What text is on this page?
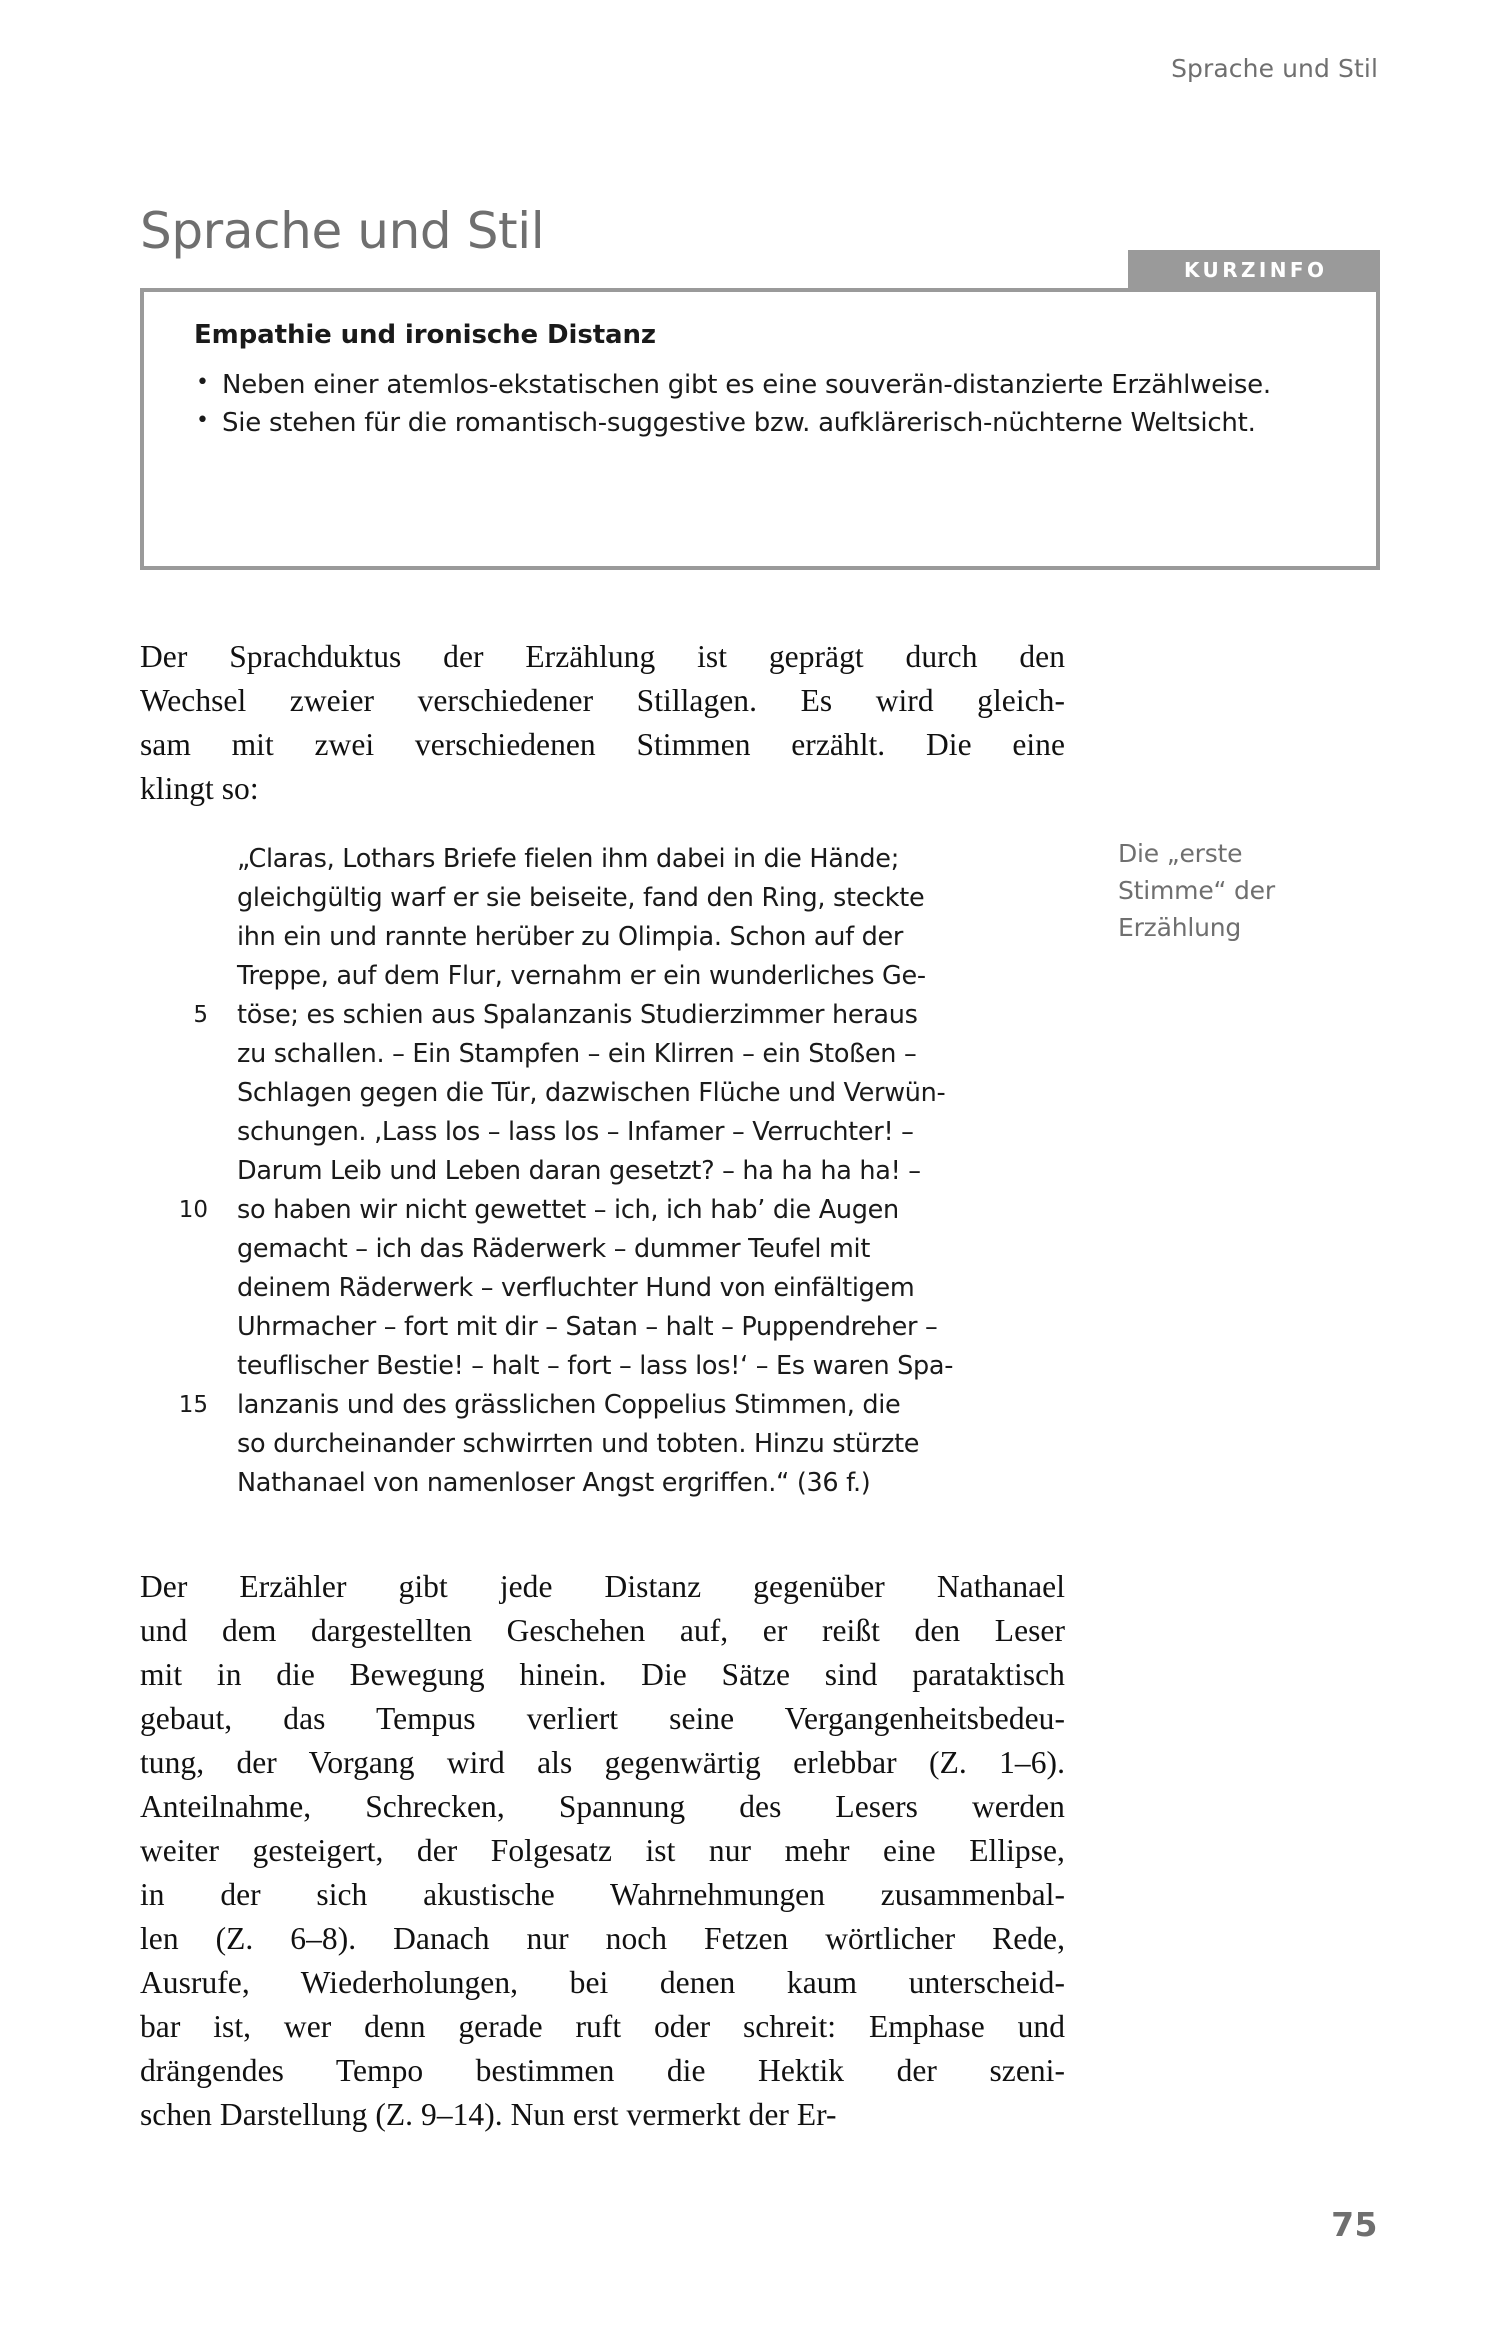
Sprache und Stil
Sprache und Stil
KURZINFO
Empathie und ironische Distanz
• Neben einer atemlos-ekstatischen gibt es eine souverän-distanzierte Erzählweise.
• Sie stehen für die romantisch-suggestive bzw. aufklärerisch-nüchterne Weltsicht.
Der Sprachduktus der Erzählung ist geprägt durch den
Wechsel zweier verschiedener Stillagen. Es wird gleich-
sam mit zwei verschiedenen Stimmen erzählt. Die eine
klingt so:
„Claras, Lothars Briefe fielen ihm dabei in die Hände;
gleichgültig warf er sie beiseite, fand den Ring, steckte
ihn ein und rannte herüber zu Olimpia. Schon auf der
Treppe, auf dem Flur, vernahm er ein wunderliches Ge-
5 töse; es schien aus Spalanzanis Studierzimmer heraus
zu schallen. – Ein Stampfen – ein Klirren – ein Stoßen –
Schlagen gegen die Tür, dazwischen Flüche und Verwün-
schungen. ‚Lass los – lass los – Infamer – Verruchter! –
Darum Leib und Leben daran gesetzt? – ha ha ha ha! –
10 so haben wir nicht gewettet – ich, ich hab’ die Augen
gemacht – ich das Räderwerk – dummer Teufel mit
deinem Räderwerk – verfluchter Hund von einfältigem
Uhrmacher – fort mit dir – Satan – halt – Puppendreher –
teuflischer Bestie! – halt – fort – lass los!‘ – Es waren Spa-
15 lanzanis und des grässlichen Coppelius Stimmen, die
so durcheinander schwirrten und tobten. Hinzu stürzte
Nathanael von namenloser Angst ergriffen.“ (36 f.)
Die „erste
Stimme“ der
Erzählung
Der Erzähler gibt jede Distanz gegenüber Nathanael
und dem dargestellten Geschehen auf, er reißt den Leser
mit in die Bewegung hinein. Die Sätze sind parataktisch
gebaut, das Tempus verliert seine Vergangenheitsbedeu-
tung, der Vorgang wird als gegenwärtig erlebbar (Z. 1–6).
Anteilnahme, Schrecken, Spannung des Lesers werden
weiter gesteigert, der Folgesatz ist nur mehr eine Ellipse,
in der sich akustische Wahrnehmungen zusammenbal-
len (Z. 6–8). Danach nur noch Fetzen wörtlicher Rede,
Ausrufe, Wiederholungen, bei denen kaum unterscheid-
bar ist, wer denn gerade ruft oder schreit: Emphase und
drängendes Tempo bestimmen die Hektik der szeni-
schen Darstellung (Z. 9–14). Nun erst vermerkt der Er-
75
